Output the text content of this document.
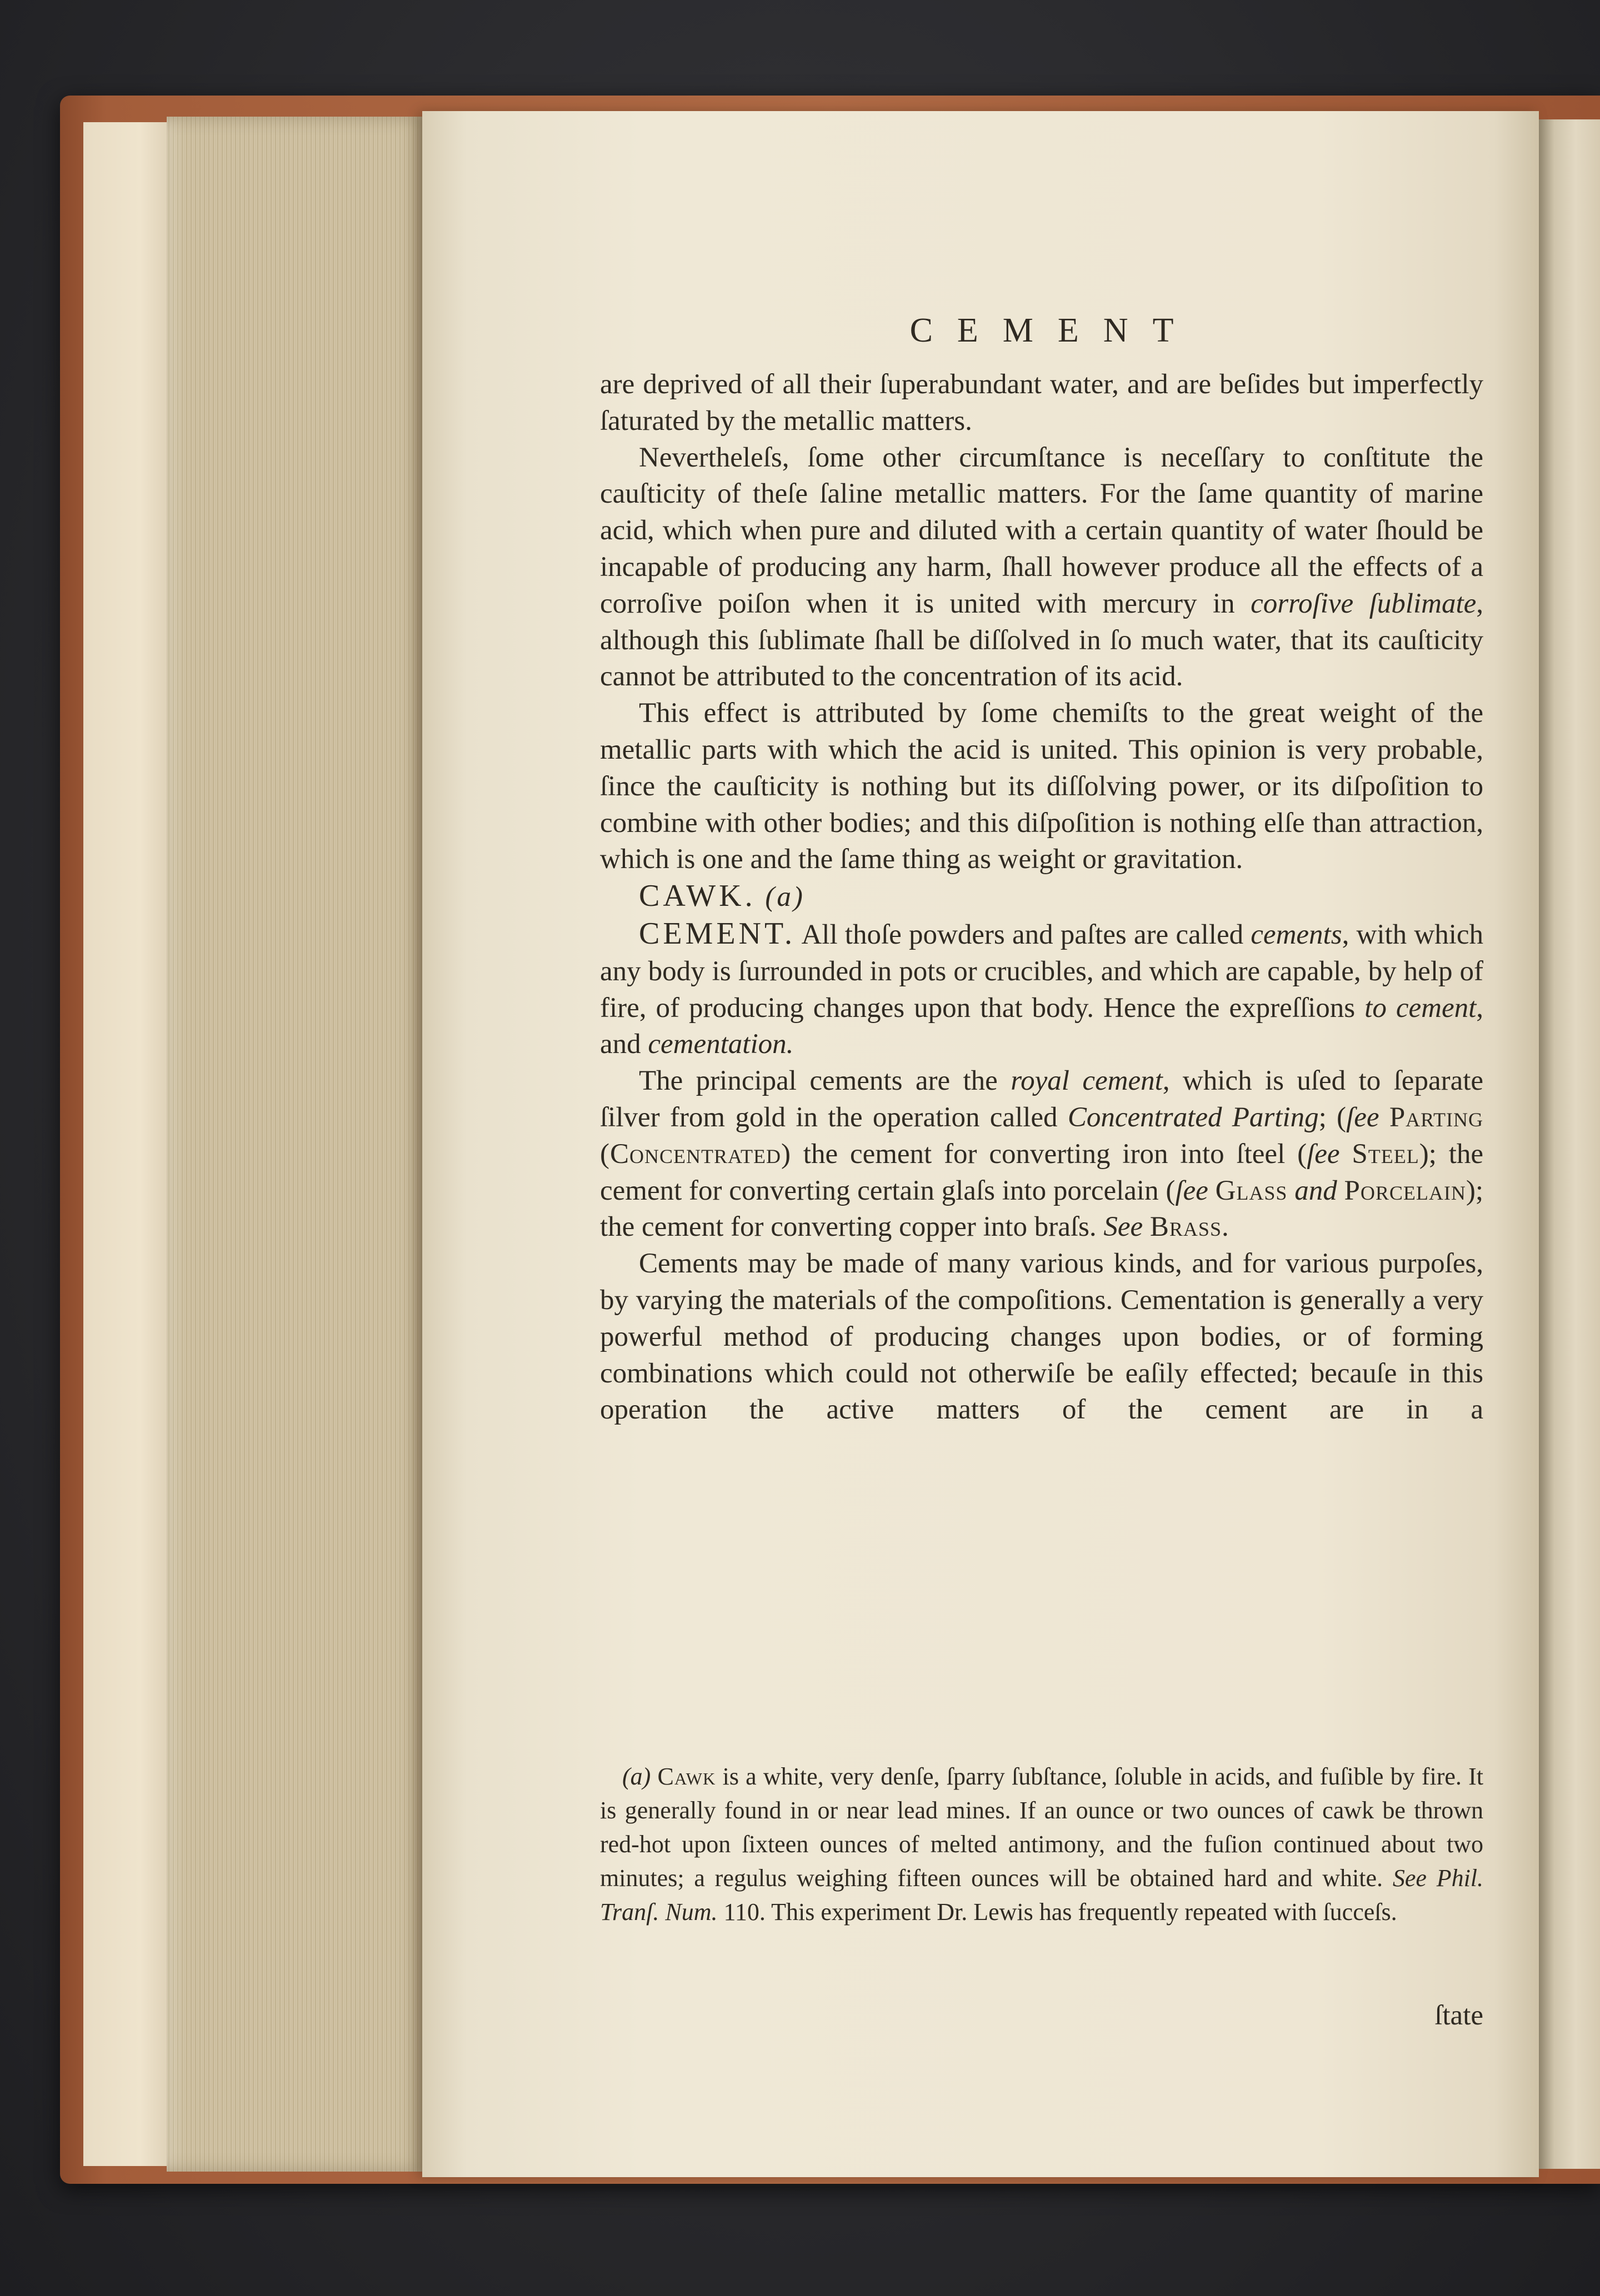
CEMENT

are deprived of all their ſuperabundant water, and are beſides but imperfectly ſaturated by the metallic matters.

Nevertheleſs, ſome other circumſtance is neceſſary to conſtitute the cauſticity of theſe ſaline metallic matters. For the ſame quantity of marine acid, which when pure and diluted with a certain quantity of water ſhould be incapable of producing any harm, ſhall however produce all the effects of a corroſive poiſon when it is united with mercury in corroſive ſublimate, although this ſublimate ſhall be diſſolved in ſo much water, that its cauſticity cannot be attributed to the concentration of its acid.

This effect is attributed by ſome chemiſts to the great weight of the metallic parts with which the acid is united. This opinion is very probable, ſince the cauſticity is nothing but its diſſolving power, or its diſpoſition to combine with other bodies; and this diſpoſition is nothing elſe than attraction, which is one and the ſame thing as weight or gravitation.

CAWK. (a)

CEMENT. All thoſe powders and paſtes are called cements, with which any body is ſurrounded in pots or crucibles, and which are capable, by help of fire, of producing changes upon that body. Hence the expreſſions to cement, and cementation.

The principal cements are the royal cement, which is uſed to ſeparate ſilver from gold in the operation called Concentrated Parting; (ſee Parting (Concentrated) the cement for converting iron into ſteel (ſee Steel); the cement for converting certain glaſs into porcelain (ſee Glass and Porcelain); the cement for converting copper into braſs. See Brass.

Cements may be made of many various kinds, and for various purpoſes, by varying the materials of the compoſitions. Cementation is generally a very powerful method of producing changes upon bodies, or of forming combinations which could not otherwiſe be eaſily effected; becauſe in this operation the active matters of the cement are in a

(a) Cawk is a white, very denſe, ſparry ſubſtance, ſoluble in acids, and fuſible by fire. It is generally found in or near lead mines. If an ounce or two ounces of cawk be thrown red-hot upon ſixteen ounces of melted antimony, and the fuſion continued about two minutes; a regulus weighing fifteen ounces will be obtained hard and white. See Phil. Tranſ. Num. 110. This experiment Dr. Lewis has frequently repeated with ſucceſs.

ſtate
